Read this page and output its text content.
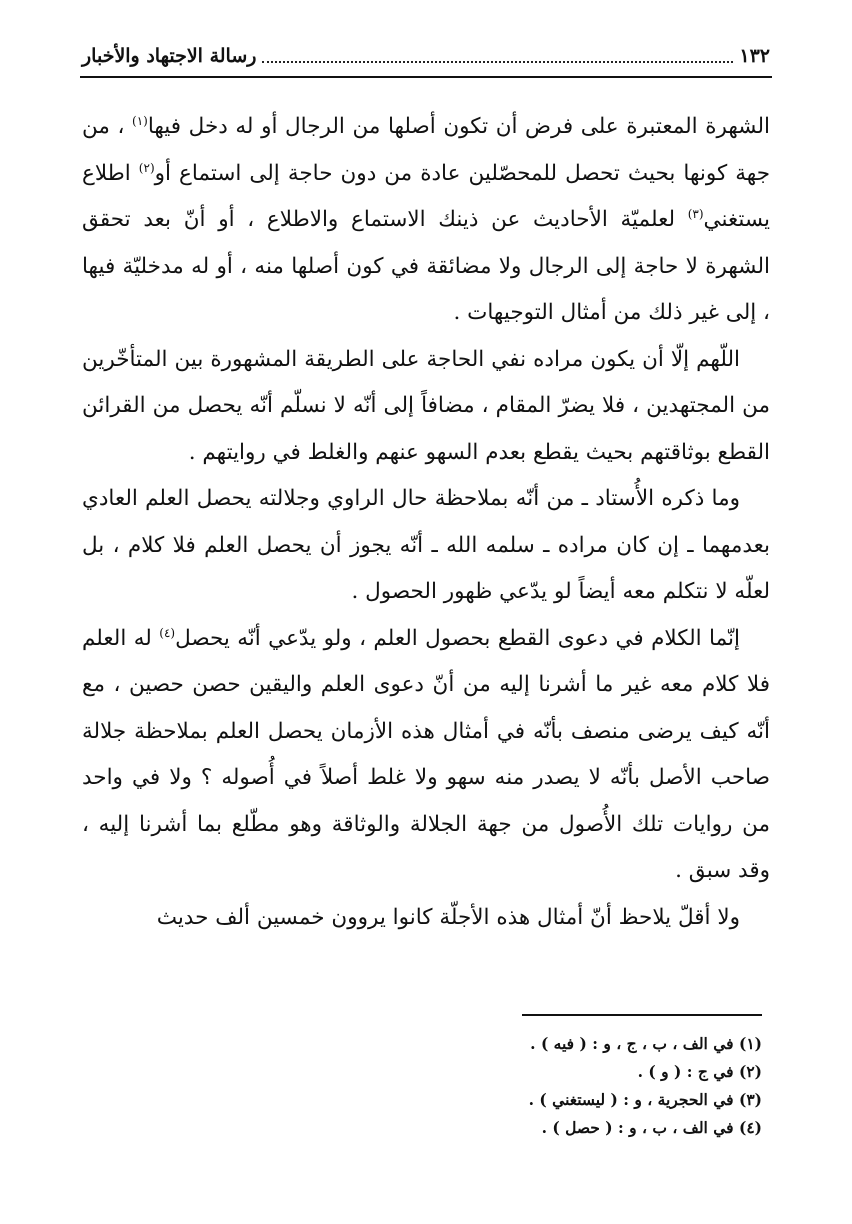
١٣٢
رسالة الاجتهاد والأخبار

الشهرة المعتبرة على فرض أن تكون أصلها من الرجال أو له دخل فيها$^{(١)}$ ، من جهة كونها بحيث تحصل للمحصّلين عادة من دون حاجة إلى استماع أو$^{(٢)}$ اطلاع يستغني$^{(٣)}$ لعلميّة الأحاديث عن ذينك الاستماع والاطلاع ، أو أنّ بعد تحقق الشهرة لا حاجة إلى الرجال ولا مضائقة في كون أصلها منه ، أو له مدخليّة فيها ، إلى غير ذلك من أمثال التوجيهات .

اللّهم إلّا أن يكون مراده نفي الحاجة على الطريقة المشهورة بين المتأخّرين من المجتهدين ، فلا يضرّ المقام ، مضافاً إلى أنّه لا نسلّم أنّه يحصل من القرائن القطع بوثاقتهم بحيث يقطع بعدم السهو عنهم والغلط في روايتهم .

وما ذكره الأُستاد ـ من أنّه بملاحظة حال الراوي وجلالته يحصل العلم العادي بعدمهما ـ إن كان مراده ـ سلمه الله ـ أنّه يجوز أن يحصل العلم فلا كلام ، بل لعلّه لا نتكلم معه أيضاً لو يدّعي ظهور الحصول .

إنّما الكلام في دعوى القطع بحصول العلم ، ولو يدّعي أنّه يحصل$^{(٤)}$ له العلم فلا كلام معه غير ما أشرنا إليه من أنّ دعوى العلم واليقين حصن حصين ، مع أنّه كيف يرضى منصف بأنّه في أمثال هذه الأزمان يحصل العلم بملاحظة جلالة صاحب الأصل بأنّه لا يصدر منه سهو ولا غلط أصلاً في أُصوله ؟ ولا في واحد من روايات تلك الأُصول من جهة الجلالة والوثاقة وهو مطّلع بما أشرنا إليه ، وقد سبق .

ولا أقلّ يلاحظ أنّ أمثال هذه الأجلّة كانوا يروون خمسين ألف حديث

(١) في الف ، ب ، ج ، و : ( فيه ) .

(٢) في ج : ( و ) .

(٣) في الحجرية ، و : ( ليستغني ) .

(٤) في الف ، ب ، و : ( حصل ) .
